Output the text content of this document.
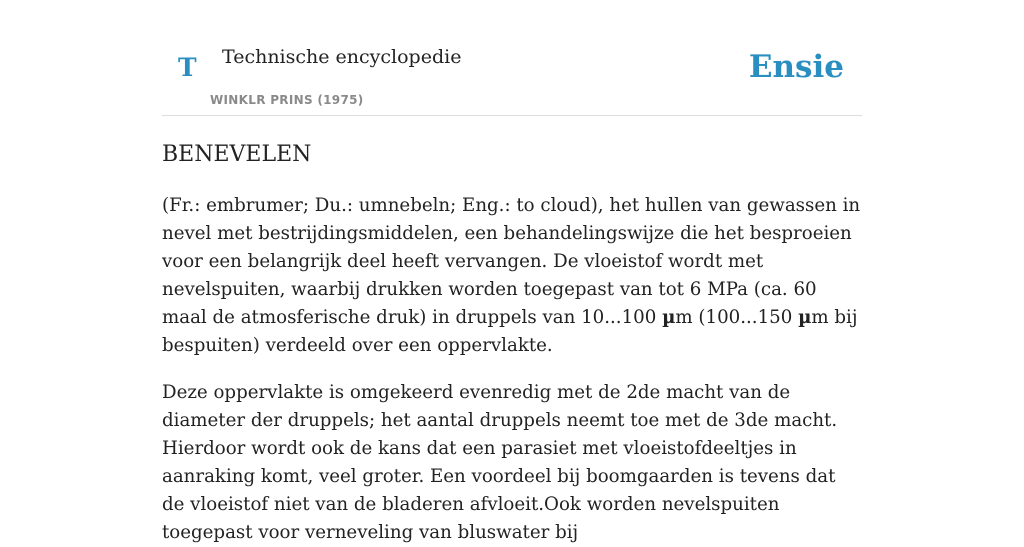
T Technische encyclopedie
WINKLR PRINS (1975)
Ensie
BENEVELEN

(Fr.: embrumer; Du.: umnebeln; Eng.: to cloud), het hullen van gewassen in nevel met bestrijdingsmiddelen, een behandelingswijze die het besproeien voor een belangrijk deel heeft vervangen. De vloeistof wordt met nevelspuiten, waarbij drukken worden toegepast van tot 6 MPa (ca. 60 maal de atmosferische druk) in druppels van 10...100 µm (100...150 µm bij bespuiten) verdeeld over een oppervlakte.

Deze oppervlakte is omgekeerd evenredig met de 2de macht van de diameter der druppels; het aantal druppels neemt toe met de 3de macht. Hierdoor wordt ook de kans dat een parasiet met vloeistofdeeltjes in aanraking komt, veel groter. Een voordeel bij boomgaarden is tevens dat de vloeistof niet van de bladeren afvloeit.Ook worden nevelspuiten toegepast voor verneveling van bluswater bij
